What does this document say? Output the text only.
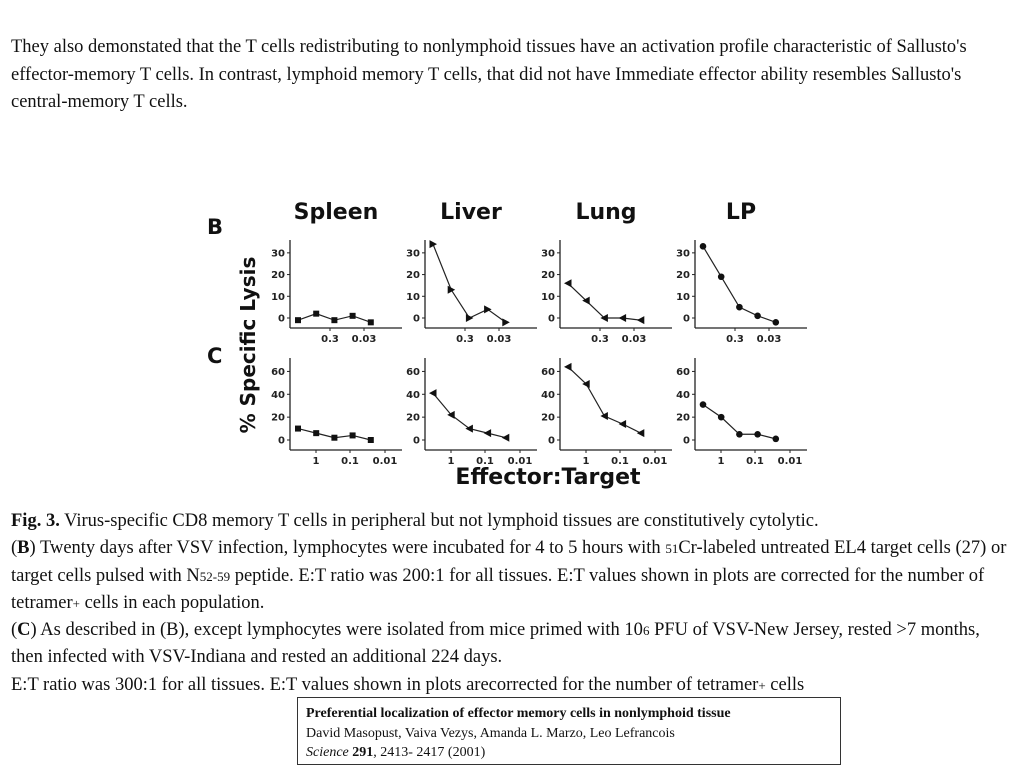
They also demonstated that the T cells redistributing to nonlymphoid tissues have an activation profile characteristic of Sallusto's effector-memory T cells. In contrast, lymphoid memory T cells, that did not have Immediate effector ability resembles Sallusto's central-memory T cells.
Spleen
0
10
20
30
0.3 0.03
Liver
0
10
20
30
0.3 0.03
Lung
0
10
20
30
0.3 0.03
LP
0
10
20
30
0.3 0.03
0
20
40
60
1 0.1 0.01
0
20
40
60
1 0.1 0.01
0
20
40
60
1 0.1 0.01
0
20
40
60
1 0.1 0.01
B
C % Specific Lysis
Effector:Target
Fig. 3. Virus-specific CD8 memory T cells in peripheral but not lymphoid tissues are constitutively cytolytic.
(B) Twenty days after VSV infection, lymphocytes were incubated for 4 to 5 hours with 51Cr-labeled untreated EL4 target cells (27) or target cells pulsed with N52-59 peptide. E:T ratio was 200:1 for all tissues. E:T values shown in plots are corrected for the number of tetramer+ cells in each population.
(C) As described in (B), except lymphocytes were isolated from mice primed with 106 PFU of VSV-New Jersey, rested >7 months, then infected with VSV-Indiana and rested an additional 224 days.
E:T ratio was 300:1 for all tissues. E:T values shown in plots arecorrected for the number of tetramer+ cells
Preferential localization of effector memory cells in nonlymphoid tissue
David Masopust, Vaiva Vezys, Amanda L. Marzo, Leo Lefrancois
Science 291, 2413- 2417 (2001)
